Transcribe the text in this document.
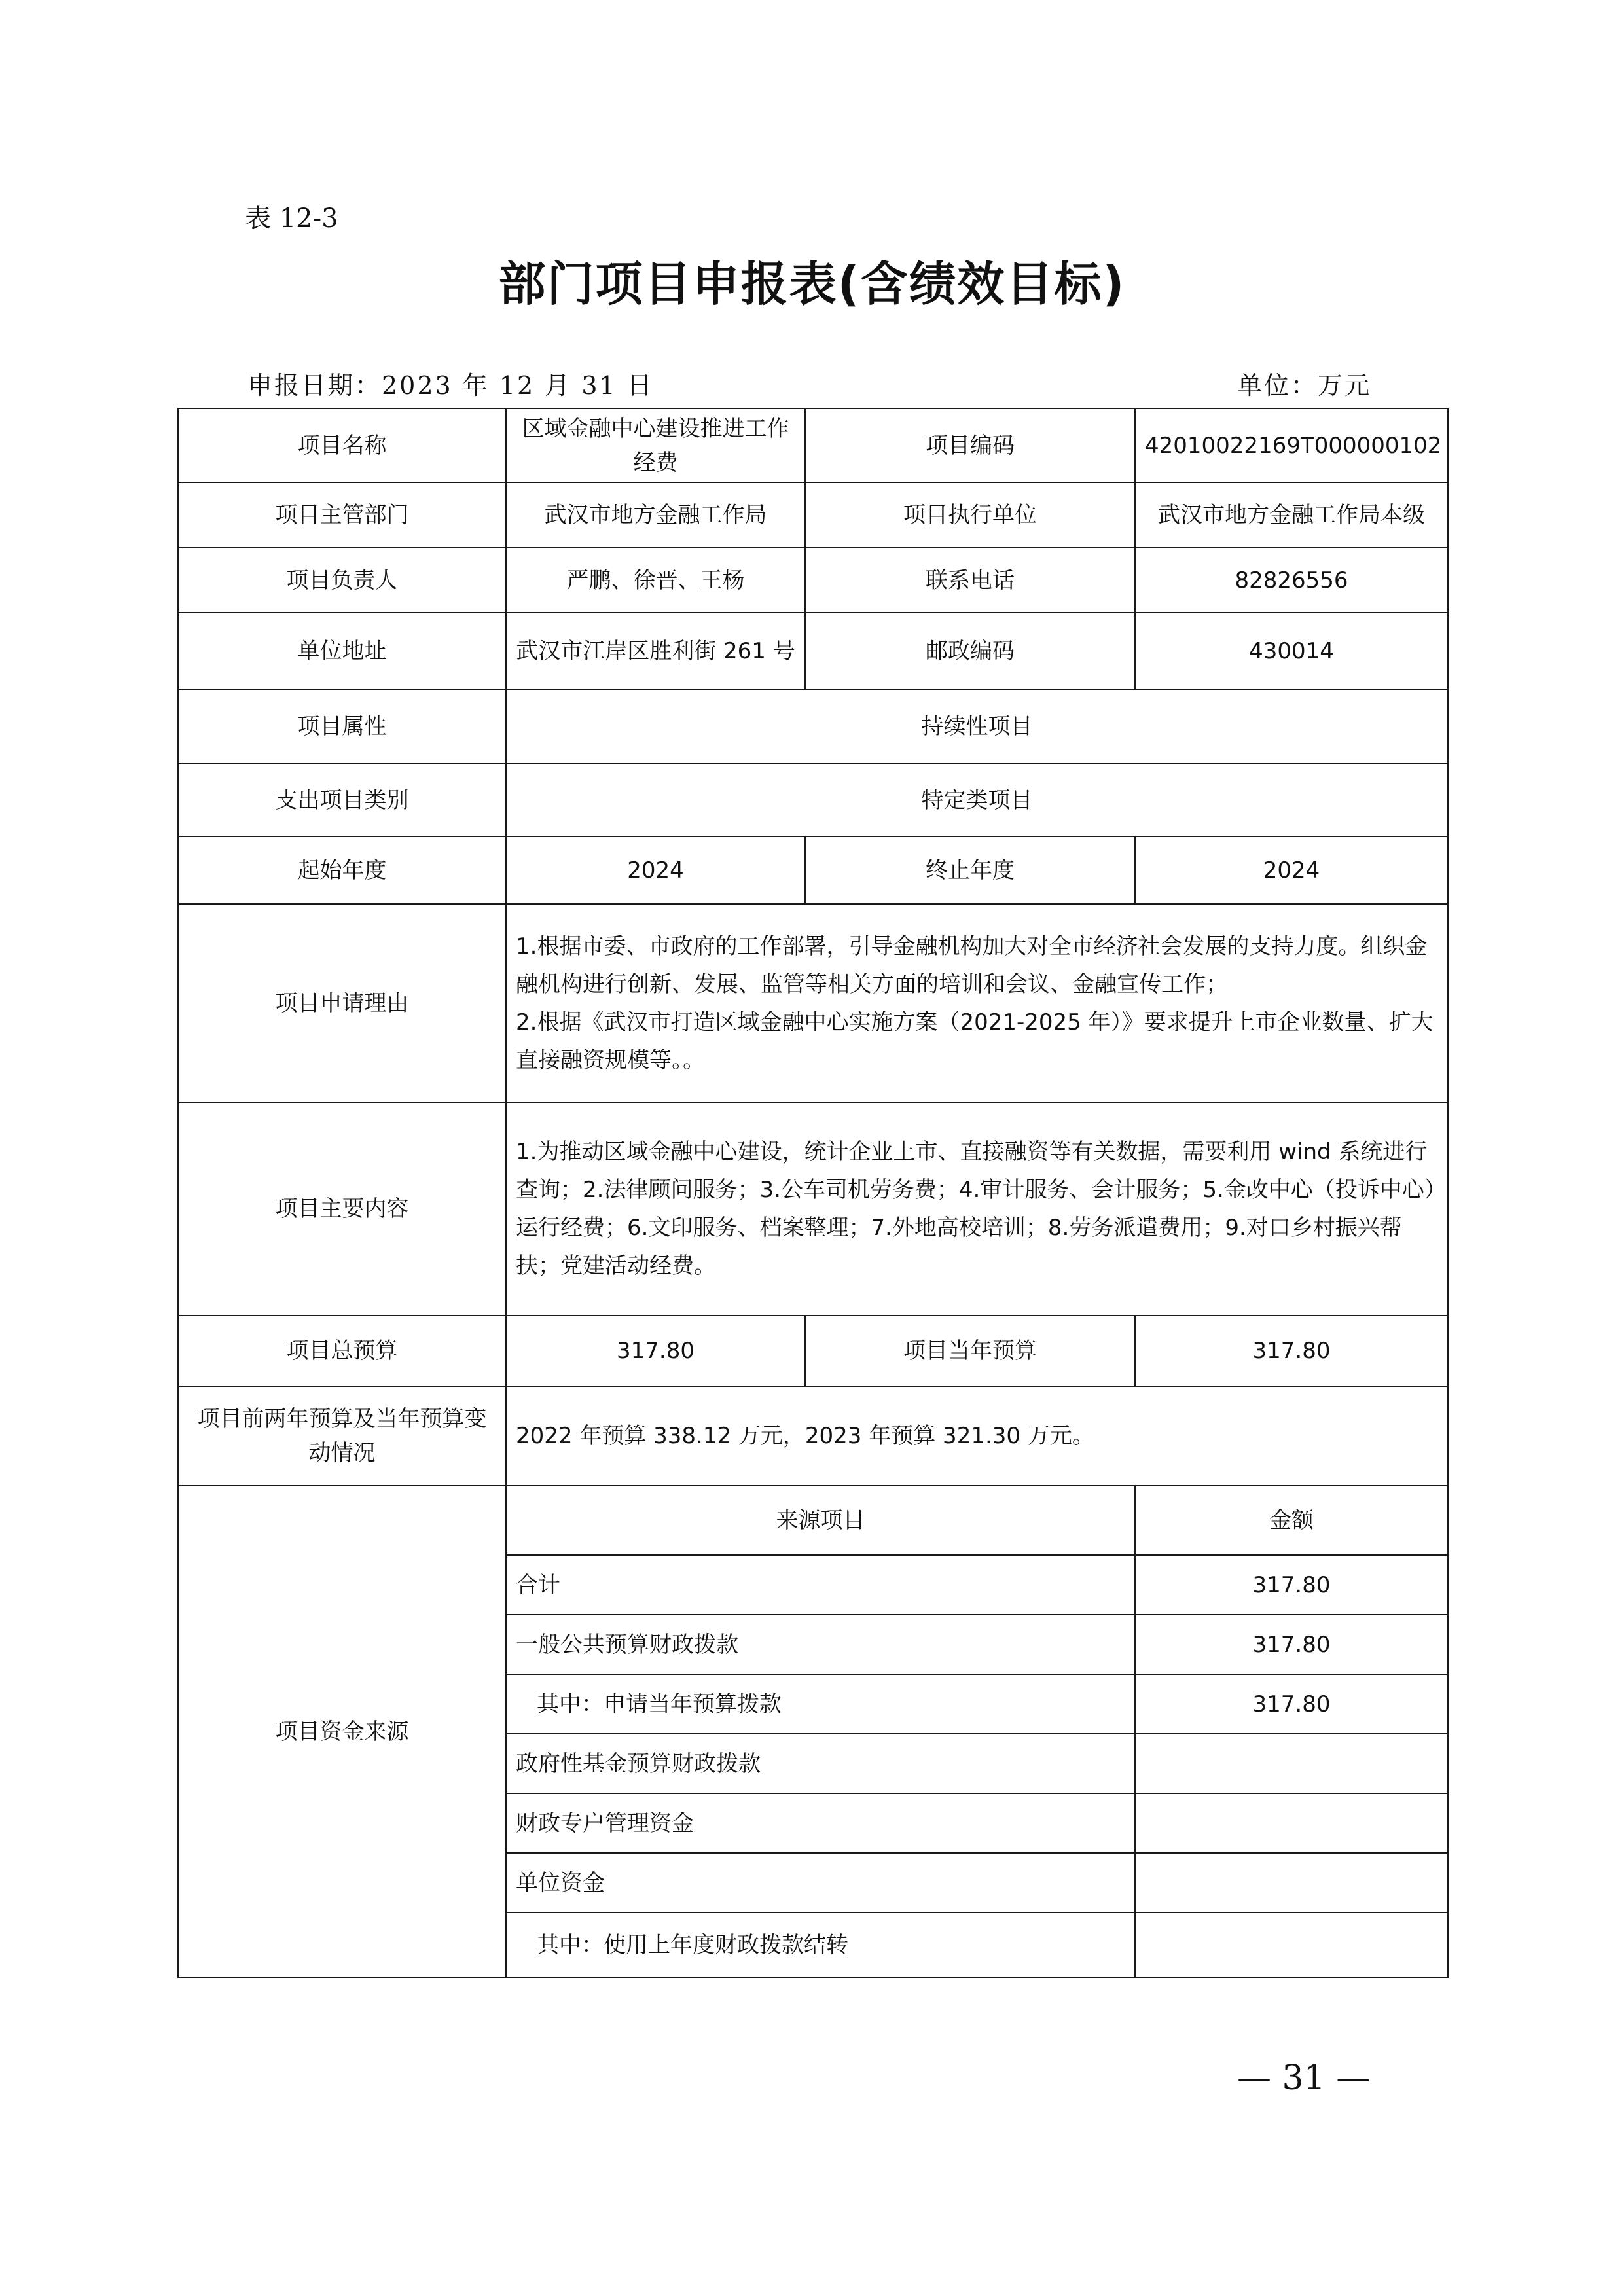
表 12-3
部门项目申报表(含绩效目标)
申报日期：2023 年 12 月 31 日	单位：万元
项目名称	区域金融中心建设推进工作经费	项目编码	42010022169T000000102
项目主管部门	武汉市地方金融工作局	项目执行单位	武汉市地方金融工作局本级
项目负责人	严鹏、徐晋、王杨	联系电话	82826556
单位地址	武汉市江岸区胜利街 261 号	邮政编码	430014
项目属性	持续性项目		
支出项目类别	特定类项目		
起始年度	2024	终止年度	2024
项目申请理由	1.根据市委、市政府的工作部署，引导金融机构加大对全市经济社会发展的支持力度。组织金融机构进行创新、发展、监管等相关方面的培训和会议、金融宣传工作；
2.根据《武汉市打造区域金融中心实施方案（2021-2025 年）》要求提升上市企业数量、扩大直接融资规模等。。		
项目主要内容	1.为推动区域金融中心建设，统计企业上市、直接融资等有关数据，需要利用 wind 系统进行查询；2.法律顾问服务；3.公车司机劳务费；4.审计服务、会计服务；5.金改中心（投诉中心）运行经费；6.文印服务、档案整理；7.外地高校培训；8.劳务派遣费用；9.对口乡村振兴帮扶；党建活动经费。		
项目总预算	317.80	项目当年预算	317.80
项目前两年预算及当年预算变动情况	2022 年预算 338.12 万元，2023 年预算 321.30 万元。		
项目资金来源	来源项目		金额
	合计		317.80
	一般公共预算财政拨款		317.80
	其中：申请当年预算拨款		317.80
	政府性基金预算财政拨款		
	财政专户管理资金		
	单位资金		
	其中：使用上年度财政拨款结转		
— 31 —
